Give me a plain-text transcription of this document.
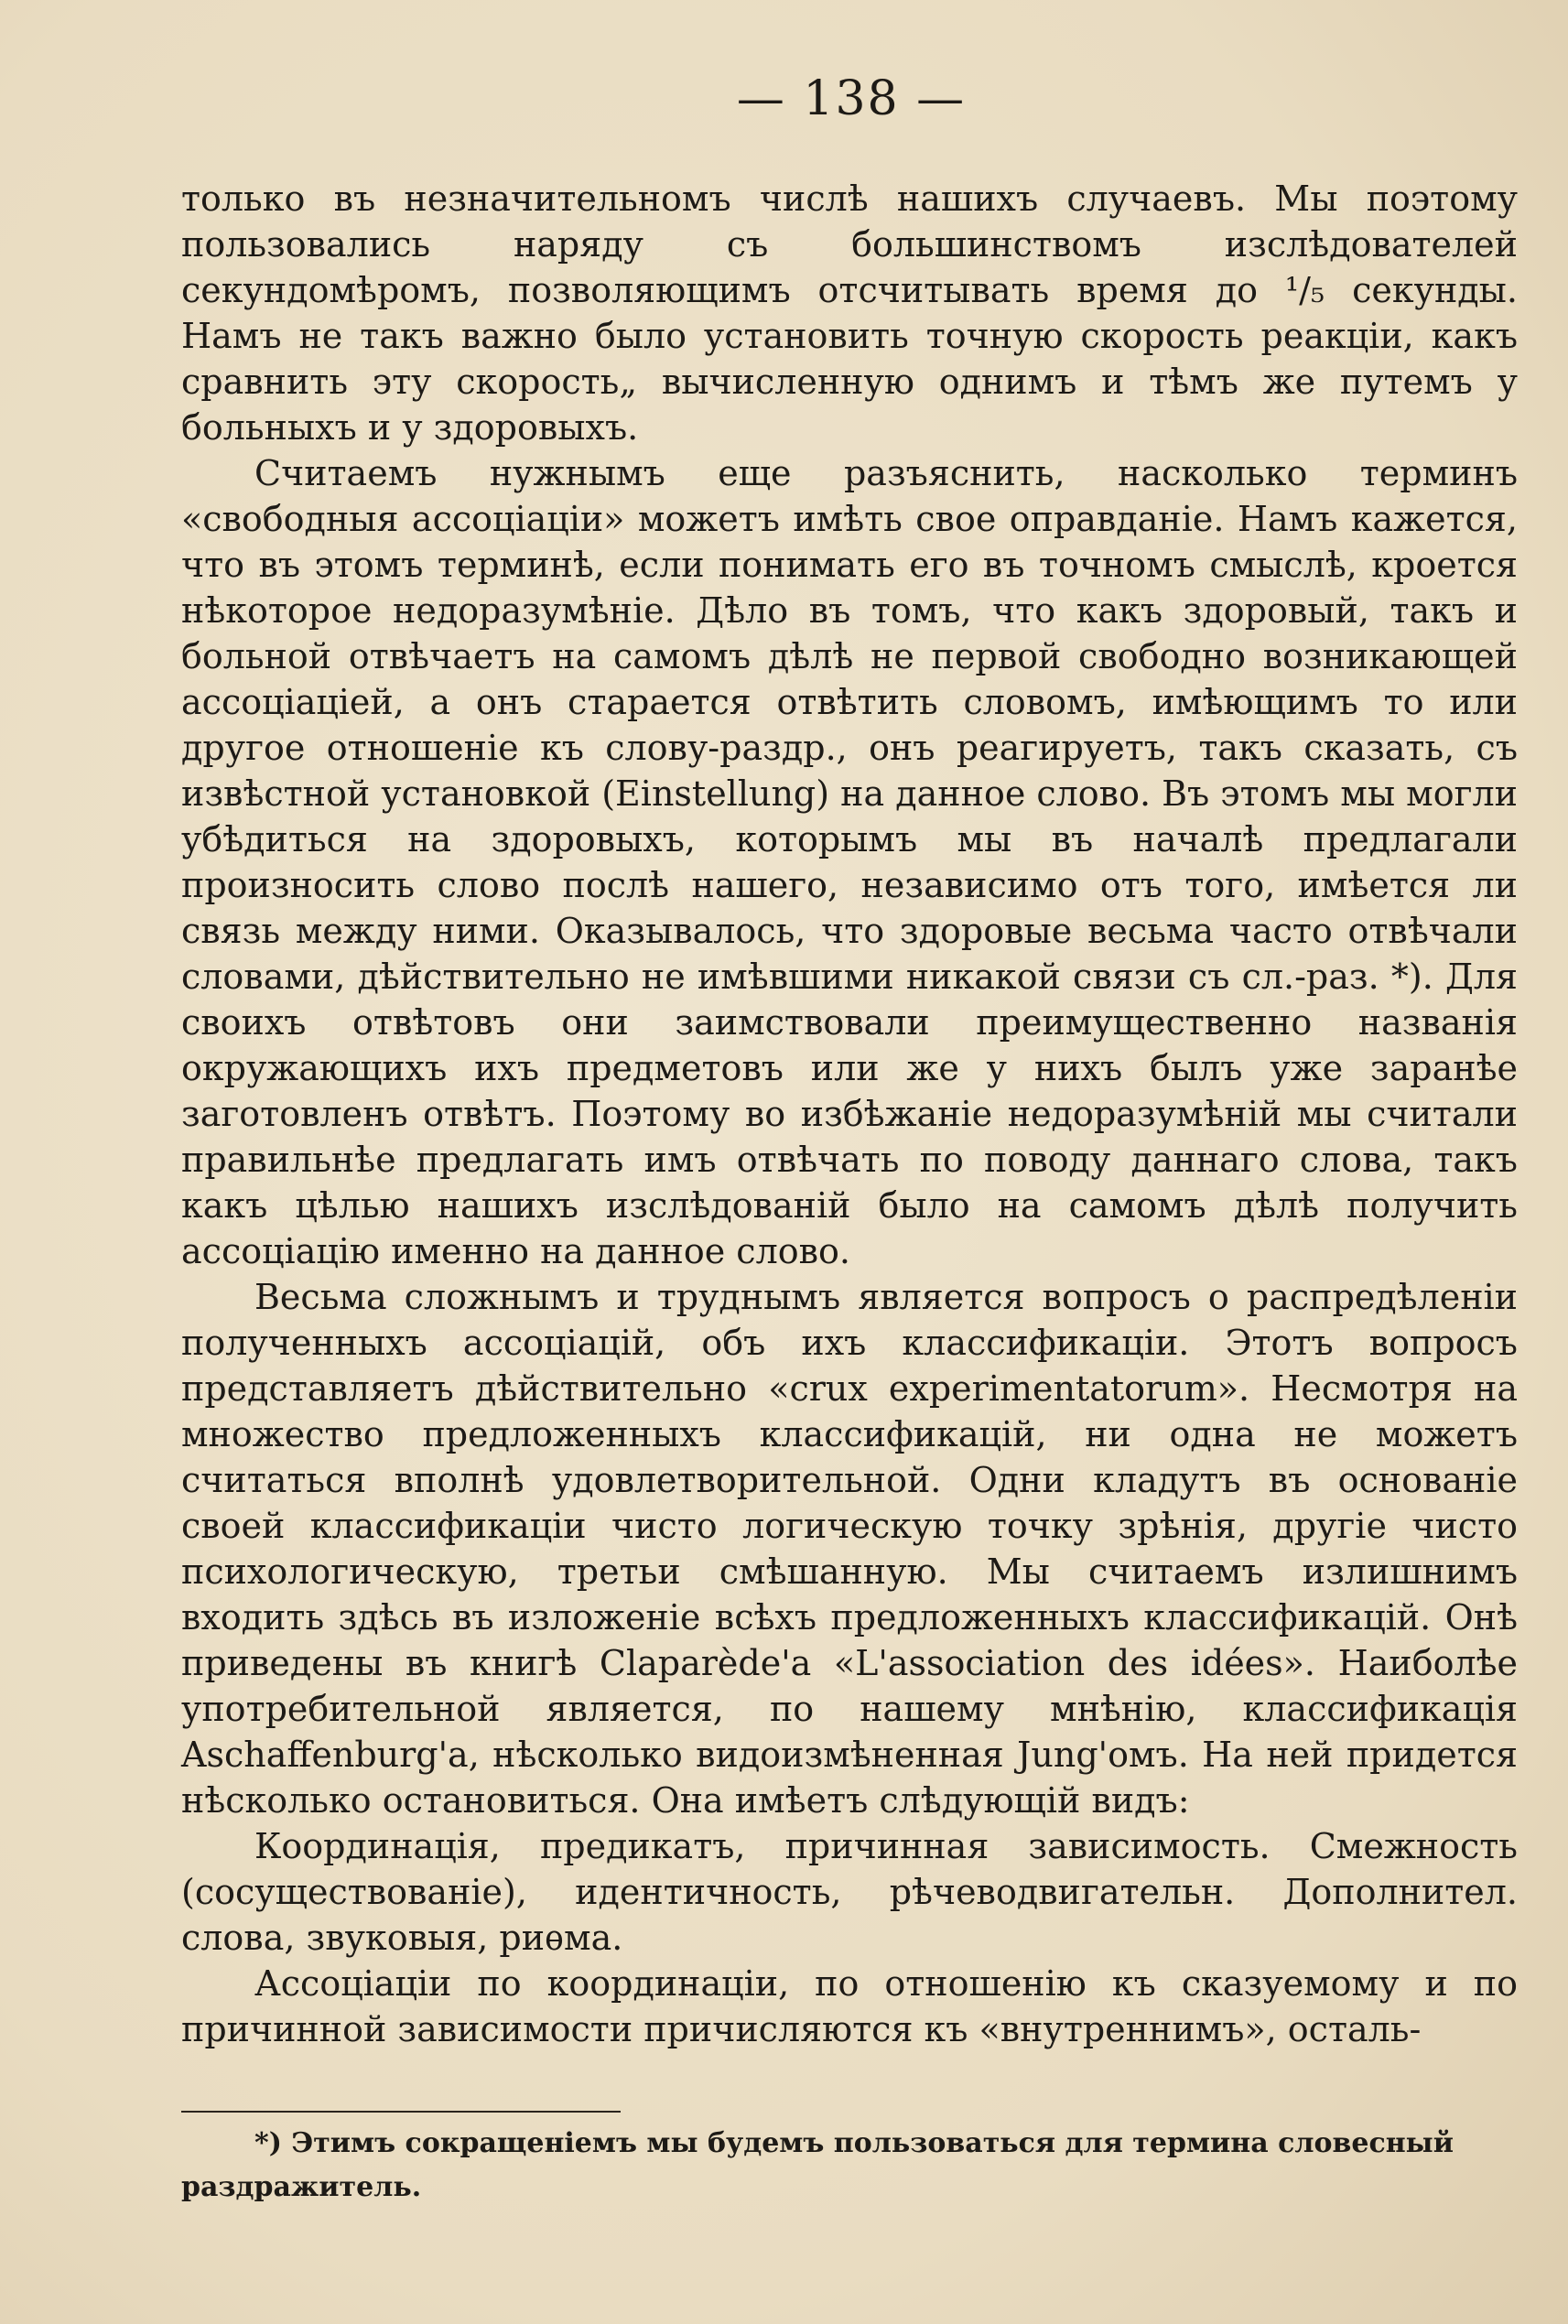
— 138 —

только въ незначительномъ числѣ нашихъ случаевъ. Мы поэтому пользовались наряду съ большинствомъ изслѣдователей секундомѣромъ, позволяющимъ отсчитывать время до ¹/₅ секунды. Намъ не такъ важно было установить точную скорость реакціи, какъ сравнить эту скорость„ вычисленную однимъ и тѣмъ же путемъ у больныхъ и у здоровыхъ.

Считаемъ нужнымъ еще разъяснить, насколько терминъ «свободныя ассоціаціи» можетъ имѣть свое оправданіе. Намъ кажется, что въ этомъ терминѣ, если понимать его въ точномъ смыслѣ, кроется нѣкоторое недоразумѣніе. Дѣло въ томъ, что какъ здоровый, такъ и больной отвѣчаетъ на самомъ дѣлѣ не первой свободно возникающей ассоціаціей, а онъ старается отвѣтить словомъ, имѣющимъ то или другое отношеніе къ слову-раздр., онъ реагируетъ, такъ сказать, съ извѣстной установкой (Einstellung) на данное слово. Въ этомъ мы могли убѣдиться на здоровыхъ, которымъ мы въ началѣ предлагали произносить слово послѣ нашего, независимо отъ того, имѣется ли связь между ними. Оказывалось, что здоровые весьма часто отвѣчали словами, дѣйствительно не имѣвшими никакой связи съ сл.-раз. *). Для своихъ отвѣтовъ они заимствовали преимущественно названія окружающихъ ихъ предметовъ или же у нихъ былъ уже заранѣе заготовленъ отвѣтъ. Поэтому во избѣжаніе недоразумѣній мы считали правильнѣе предлагать имъ отвѣчать по поводу даннаго слова, такъ какъ цѣлью нашихъ изслѣдованій было на самомъ дѣлѣ получить ассоціацію именно на данное слово.

Весьма сложнымъ и труднымъ является вопросъ о распредѣленіи полученныхъ ассоціацій, объ ихъ классификаціи. Этотъ вопросъ представляетъ дѣйствительно «crux experimentatorum». Несмотря на множество предложенныхъ классификацій, ни одна не можетъ считаться вполнѣ удовлетворительной. Одни кладутъ въ основаніе своей классификаціи чисто логическую точку зрѣнія, другіе чисто психологическую, третьи смѣшанную. Мы считаемъ излишнимъ входить здѣсь въ изложеніе всѣхъ предложенныхъ классификацій. Онѣ приведены въ книгѣ Claparède'а «L'association des idées». Наиболѣе употребительной является, по нашему мнѣнію, классификація Aschaffenburg'а, нѣсколько видоизмѣненная Jung'омъ. На ней придется нѣсколько остановиться. Она имѣетъ слѣдующій видъ:

Координація, предикатъ, причинная зависимость. Смежность (сосуществованіе), идентичность, рѣчеводвигательн. Дополнител. слова, звуковыя, риѳма.

Ассоціаціи по координаціи, по отношенію къ сказуемому и по причинной зависимости причисляются къ «внутреннимъ», осталь-

*) Этимъ сокращеніемъ мы будемъ пользоваться для термина словесный раздражитель.
